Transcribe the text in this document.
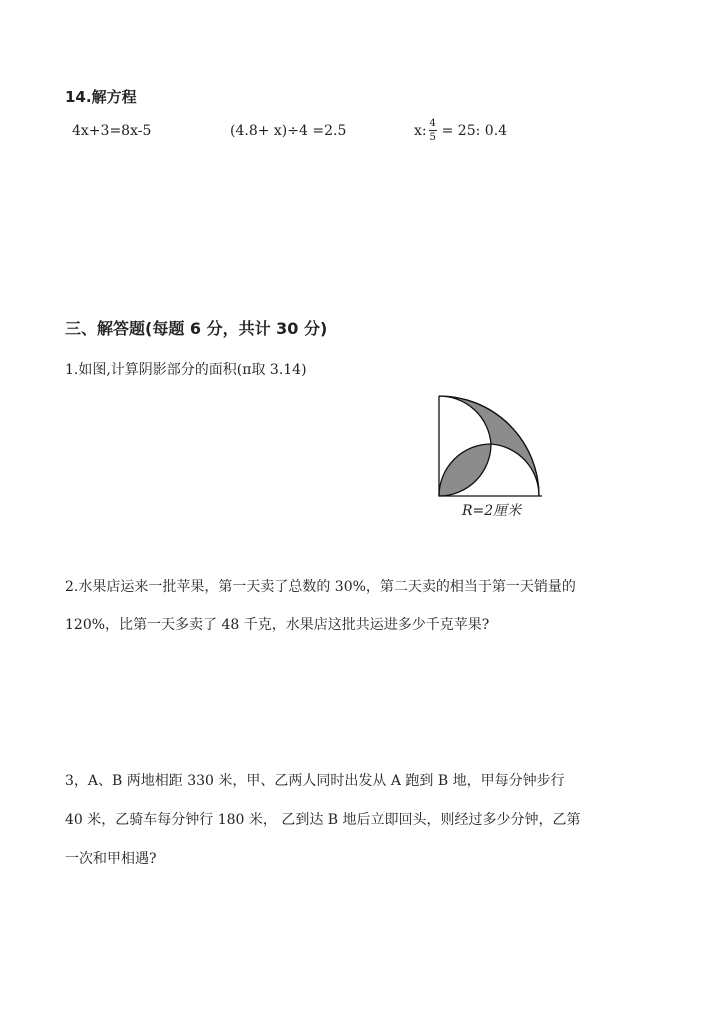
14.解方程
4x+3=8x-5	(4.8+ x)÷4 =2.5	x: $\frac{4}{5} = 25$: 0.4
三、解答题(每题 6 分，共计 30 分)
1.如图,计算阴影部分的面积(π取 3.14)
R=2厘米
2.水果店运来一批苹果，第一天卖了总数的 30%，第二天卖的相当于第一天销量的
120%，比第一天多卖了 48 千克，水果店这批共运进多少千克苹果?
3，A、B 两地相距 330 米，甲、乙两人同时出发从 A 跑到 B 地，甲每分钟步行
40 米，乙骑车每分钟行 180 米， 乙到达 B 地后立即回头，则经过多少分钟，乙第
一次和甲相遇?
